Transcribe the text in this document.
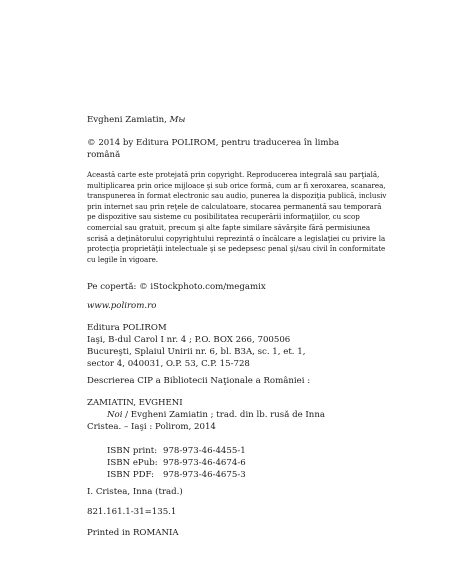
Evgheni Zamiatin, Мы
© 2014 by Editura POLIROM, pentru traducerea în limba română
Această carte este protejată prin copyright. Reproducerea integrală sau parţială, multiplicarea prin orice mijloace şi sub orice formă, cum ar fi xeroxarea, scanarea, transpunerea în format electronic sau audio, punerea la dispoziţia publică, inclusiv prin internet sau prin reţele de calculatoare, stocarea permanentă sau temporară pe dispozitive sau sisteme cu posibilitatea recuperării informaţiilor, cu scop comercial sau gratuit, precum şi alte fapte similare săvârşite fără permisiunea scrisă a deţinătorului copyrightului reprezintă o încălcare a legislaţiei cu privire la protecţia proprietăţii intelectuale şi se pedepsesc penal şi/sau civil în conformitate cu legile în vigoare.
Pe copertă: © iStockphoto.com/megamix
www.polirom.ro
Editura POLIROM
Iaşi, B-dul Carol I nr. 4 ; P.O. BOX 266, 700506
Bucureşti, Splaiul Unirii nr. 6, bl. B3A, sc. 1, et. 1,
sector 4, 040031, O.P. 53, C.P. 15-728
Descrierea CIP a Bibliotecii Naţionale a României :
ZAMIATIN, EVGHENI
Noi / Evgheni Zamiatin ; trad. din lb. rusă de Inna
Cristea. – Iaşi : Polirom, 2014
ISBN print: 978-973-46-4455-1
ISBN ePub: 978-973-46-4674-6
ISBN PDF:	978-973-46-4675-3
I. Cristea, Inna (trad.)
821.161.1-31=135.1
Printed in ROMANIA
